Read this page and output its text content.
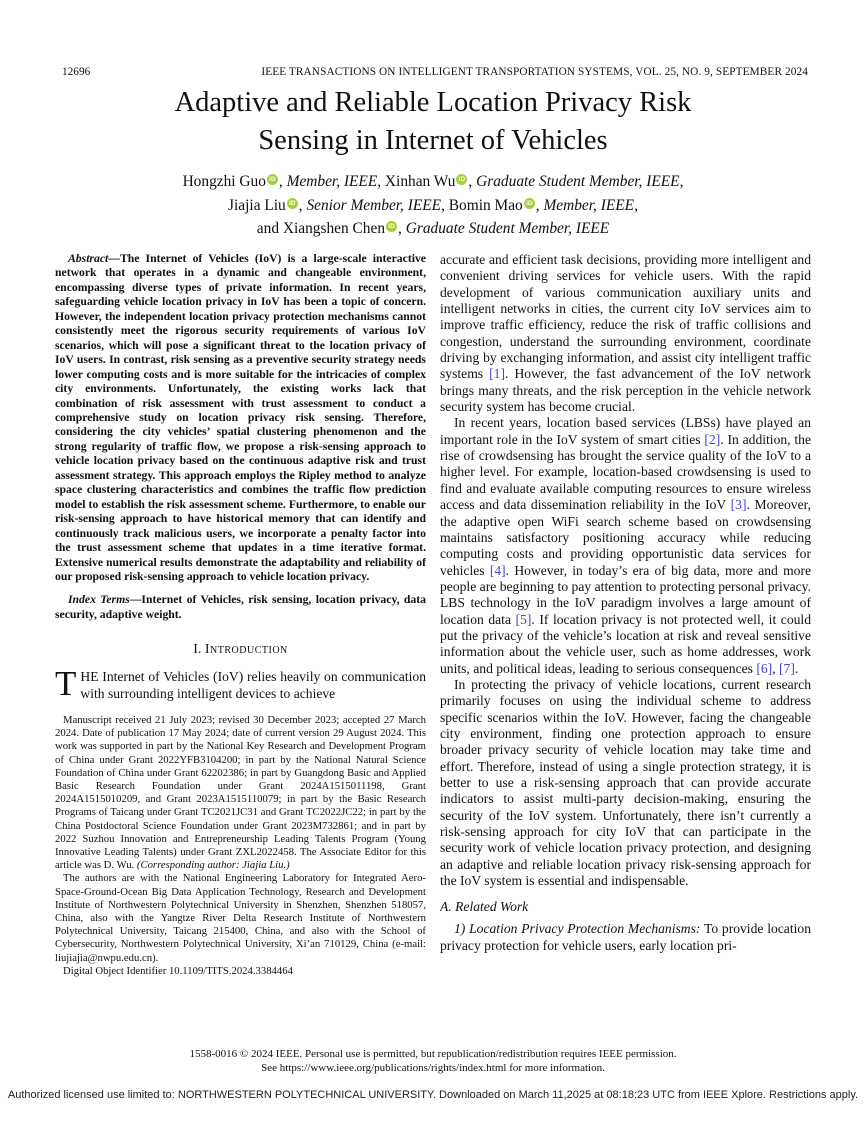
12696	IEEE TRANSACTIONS ON INTELLIGENT TRANSPORTATION SYSTEMS, VOL. 25, NO. 9, SEPTEMBER 2024
Adaptive and Reliable Location Privacy Risk
Sensing in Internet of Vehicles
Hongzhi Guo iD , Member, IEEE, Xinhan Wu iD , Graduate Student Member, IEEE,
Jiajia Liu iD , Senior Member, IEEE, Bomin Mao iD , Member, IEEE,
and Xiangshen Chen iD , Graduate Student Member, IEEE

Abstract—The Internet of Vehicles (IoV) is a large-scale interactive network that operates in a dynamic and changeable environment, encompassing diverse types of private information. In recent years, safeguarding vehicle location privacy in IoV has been a topic of concern. However, the independent location privacy protection mechanisms cannot consistently meet the rigorous security requirements of various IoV scenarios, which will pose a significant threat to the location privacy of IoV users. In contrast, risk sensing as a preventive security strategy needs lower computing costs and is more suitable for the intricacies of complex city environments. Unfortunately, the existing works lack that combination of risk assessment with trust assessment to conduct a comprehensive study on location privacy risk sensing. Therefore, considering the city vehicles’ spatial clustering phenomenon and the strong regularity of traffic flow, we propose a risk-sensing approach to vehicle location privacy based on the continuous adaptive risk and trust assessment strategy. This approach employs the Ripley method to analyze space clustering characteristics and combines the traffic flow prediction model to establish the risk assessment scheme. Furthermore, to enable our risk-sensing approach to have historical memory that can identify and continuously track malicious users, we incorporate a penalty factor into the trust assessment scheme that updates in a time iterative format. Extensive numerical results demonstrate the adaptability and reliability of our proposed risk-sensing approach to vehicle location privacy.

Index Terms—Internet of Vehicles, risk sensing, location privacy, data security, adaptive weight.

I. Introduction

THE Internet of Vehicles (IoV) relies heavily on communication with surrounding intelligent devices to achieve

Manuscript received 21 July 2023; revised 30 December 2023; accepted 27 March 2024. Date of publication 17 May 2024; date of current version 29 August 2024. This work was supported in part by the National Key Research and Development Program of China under Grant 2022YFB3104200; in part by the National Natural Science Foundation of China under Grant 62202386; in part by Guangdong Basic and Applied Basic Research Foundation under Grant 2024A1515011198, Grant 2024A1515010209, and Grant 2023A1515110079; in part by the Basic Research Programs of Taicang under Grant TC2021JC31 and Grant TC2022JC22; in part by the China Postdoctoral Science Foundation under Grant 2023M732861; and in part by 2022 Suzhou Innovation and Entrepreneurship Leading Talents Program (Young Innovative Leading Talents) under Grant ZXL2022458. The Associate Editor for this article was D. Wu. (Corresponding author: Jiajia Liu.)

The authors are with the National Engineering Laboratory for Integrated Aero-Space-Ground-Ocean Big Data Application Technology, Research and Development Institute of Northwestern Polytechnical University in Shenzhen, Shenzhen 518057, China, also with the Yangtze River Delta Research Institute of Northwestern Polytechnical University, Taicang 215400, China, and also with the School of Cybersecurity, Northwestern Polytechnical University, Xi’an 710129, China (e-mail: liujiajia@nwpu.edu.cn).

Digital Object Identifier 10.1109/TITS.2024.3384464

accurate and efficient task decisions, providing more intelligent and convenient driving services for vehicle users. With the rapid development of various communication auxiliary units and intelligent networks in cities, the current city IoV services aim to improve traffic efficiency, reduce the risk of traffic collisions and congestion, understand the surrounding environment, coordinate driving by exchanging information, and assist city intelligent traffic systems [1]. However, the fast advancement of the IoV network brings many threats, and the risk perception in the vehicle network security system has become crucial.

In recent years, location based services (LBSs) have played an important role in the IoV system of smart cities [2]. In addition, the rise of crowdsensing has brought the service quality of the IoV to a higher level. For example, location-based crowdsensing is used to find and evaluate available computing resources to ensure wireless access and data dissemination reliability in the IoV [3]. Moreover, the adaptive open WiFi search scheme based on crowdsensing maintains satisfactory positioning accuracy while reducing computing costs and providing opportunistic data services for vehicles [4]. However, in today’s era of big data, more and more people are beginning to pay attention to protecting personal privacy. LBS technology in the IoV paradigm involves a large amount of location data [5]. If location privacy is not protected well, it could put the privacy of the vehicle’s location at risk and reveal sensitive information about the vehicle user, such as home addresses, work units, and political ideas, leading to serious consequences [6], [7].

In protecting the privacy of vehicle locations, current research primarily focuses on using the individual scheme to address specific scenarios within the IoV. However, facing the changeable city environment, finding one protection approach to ensure broader privacy security of vehicle location may take time and effort. Therefore, instead of using a single protection strategy, it is better to use a risk-sensing approach that can provide accurate indicators to assist multi-party decision-making, ensuring the security of the IoV system. Unfortunately, there isn’t currently a risk-sensing approach for city IoV that can participate in the security work of vehicle location privacy protection, and designing an adaptive and reliable location privacy risk-sensing approach for the IoV system is essential and indispensable.

A. Related Work

1) Location Privacy Protection Mechanisms: To provide location privacy protection for vehicle users, early location pri-

1558-0016 © 2024 IEEE. Personal use is permitted, but republication/redistribution requires IEEE permission.
See https://www.ieee.org/publications/rights/index.html for more information.
Authorized licensed use limited to: NORTHWESTERN POLYTECHNICAL UNIVERSITY. Downloaded on March 11,2025 at 08:18:23 UTC from IEEE Xplore. Restrictions apply.
